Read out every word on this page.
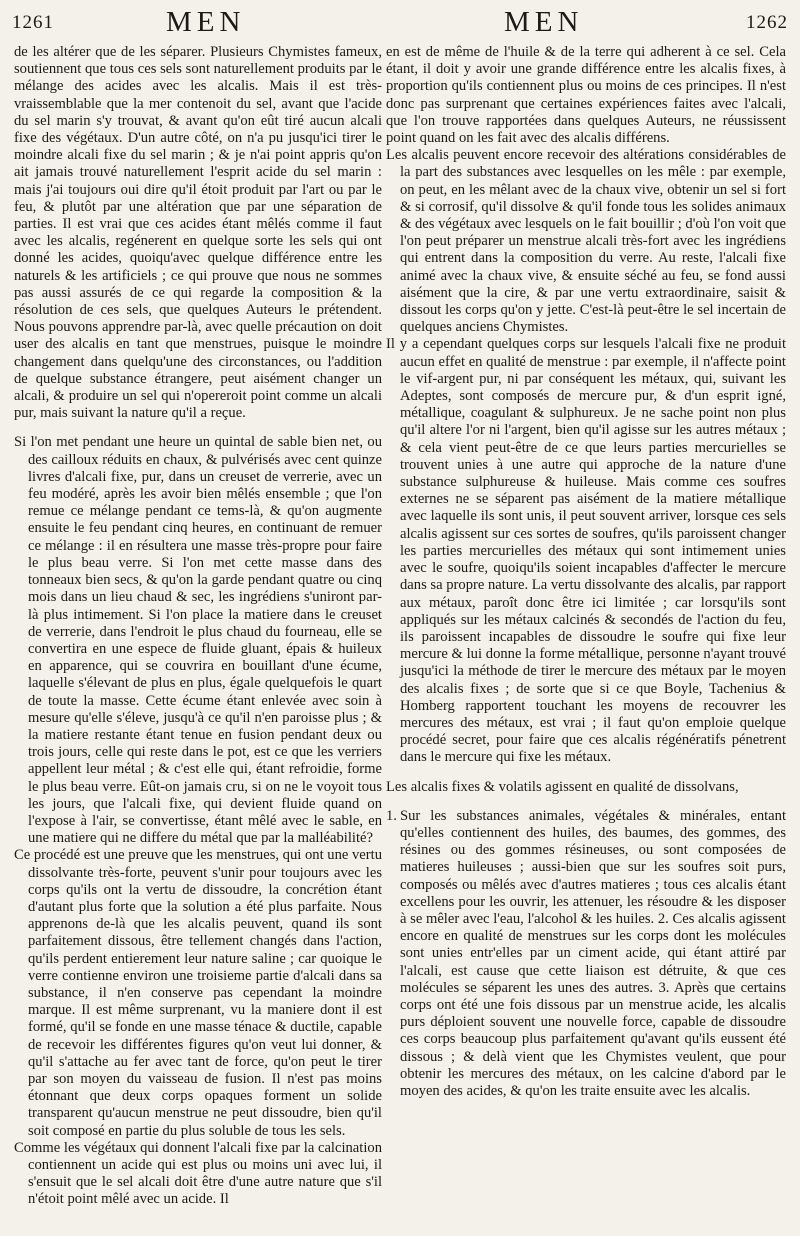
1261	MEN	MEN	1262

de les altérer que de les séparer. Plusieurs Chymistes fameux, soutiennent que tous ces sels sont naturellement produits par le mélange des acides avec les alcalis. Mais il est très-vraissemblable que la mer contenoit du sel, avant que l'acide du sel marin s'y trouvat, & avant qu'on eût tiré aucun alcali fixe des végétaux. D'un autre côté, on n'a pu jusqu'ici tirer le moindre alcali fixe du sel marin ; & je n'ai point appris qu'on ait jamais trouvé naturellement l'esprit acide du sel marin : mais j'ai toujours oui dire qu'il étoit produit par l'art ou par le feu, & plutôt par une altération que par une séparation de parties. Il est vrai que ces acides étant mêlés comme il faut avec les alcalis, regénerent en quelque sorte les sels qui ont donné les acides, quoiqu'avec quelque différence entre les naturels & les artificiels ; ce qui prouve que nous ne sommes pas aussi assurés de ce qui regarde la composition & la résolution de ces sels, que quelques Auteurs le prétendent. Nous pouvons apprendre par-là, avec quelle précaution on doit user des alcalis en tant que menstrues, puisque le moindre changement dans quelqu'une des circonstances, ou l'addition de quelque substance étrangere, peut aisément changer un alcali, & produire un sel qui n'opereroit point comme un alcali pur, mais suivant la nature qu'il a reçue.

Si l'on met pendant une heure un quintal de sable bien net, ou des cailloux réduits en chaux, & pulvérisés avec cent quinze livres d'alcali fixe, pur, dans un creuset de verrerie, avec un feu modéré, après les avoir bien mêlés ensemble ; que l'on remue ce mélange pendant ce tems-là, & qu'on augmente ensuite le feu pendant cinq heures, en continuant de remuer ce mélange : il en résultera une masse très-propre pour faire le plus beau verre. Si l'on met cette masse dans des tonneaux bien secs, & qu'on la garde pendant quatre ou cinq mois dans un lieu chaud & sec, les ingrédiens s'uniront par-là plus intimement. Si l'on place la matiere dans le creuset de verrerie, dans l'endroit le plus chaud du fourneau, elle se convertira en une espece de fluide gluant, épais & huileux en apparence, qui se couvrira en bouillant d'une écume, laquelle s'élevant de plus en plus, égale quelquefois le quart de toute la masse. Cette écume étant enlevée avec soin à mesure qu'elle s'éleve, jusqu'à ce qu'il n'en paroisse plus ; & la matiere restante étant tenue en fusion pendant deux ou trois jours, celle qui reste dans le pot, est ce que les verriers appellent leur métal ; & c'est elle qui, étant refroidie, forme le plus beau verre. Eût-on jamais cru, si on ne le voyoit tous les jours, que l'alcali fixe, qui devient fluide quand on l'expose à l'air, se convertisse, étant mêlé avec le sable, en une matiere qui ne differe du métal que par la malléabilité?

Ce procédé est une preuve que les menstrues, qui ont une vertu dissolvante très-forte, peuvent s'unir pour toujours avec les corps qu'ils ont la vertu de dissoudre, la concrétion étant d'autant plus forte que la solution a été plus parfaite. Nous apprenons de-là que les alcalis peuvent, quand ils sont parfaitement dissous, être tellement changés dans l'action, qu'ils perdent entierement leur nature saline ; car quoique le verre contienne environ une troisieme partie d'alcali dans sa substance, il n'en conserve pas cependant la moindre marque. Il est même surprenant, vu la maniere dont il est formé, qu'il se fonde en une masse ténace & ductile, capable de recevoir les différentes figures qu'on veut lui donner, & qu'il s'attache au fer avec tant de force, qu'on peut le tirer par son moyen du vaisseau de fusion. Il n'est pas moins étonnant que deux corps opaques forment un solide transparent qu'aucun menstrue ne peut dissoudre, bien qu'il soit composé en partie du plus soluble de tous les sels.

Comme les végétaux qui donnent l'alcali fixe par la calcination contiennent un acide qui est plus ou moins uni avec lui, il s'ensuit que le sel alcali doit être d'une autre nature que s'il n'étoit point mêlé avec un acide. Il

en est de même de l'huile & de la terre qui adherent à ce sel. Cela étant, il doit y avoir une grande différence entre les alcalis fixes, à proportion qu'ils contiennent plus ou moins de ces principes. Il n'est donc pas surprenant que certaines expériences faites avec l'alcali, que l'on trouve rapportées dans quelques Auteurs, ne réussissent point quand on les fait avec des alcalis différens.

Les alcalis peuvent encore recevoir des altérations considérables de la part des substances avec lesquelles on les mêle : par exemple, on peut, en les mêlant avec de la chaux vive, obtenir un sel si fort & si corrosif, qu'il dissolve & qu'il fonde tous les solides animaux & des végétaux avec lesquels on le fait bouillir ; d'où l'on voit que l'on peut préparer un menstrue alcali très-fort avec les ingrédiens qui entrent dans la composition du verre. Au reste, l'alcali fixe animé avec la chaux vive, & ensuite séché au feu, se fond aussi aisément que la cire, & par une vertu extraordinaire, saisit & dissout les corps qu'on y jette. C'est-là peut-être le sel incertain de quelques anciens Chymistes.

Il y a cependant quelques corps sur lesquels l'alcali fixe ne produit aucun effet en qualité de menstrue : par exemple, il n'affecte point le vif-argent pur, ni par conséquent les métaux, qui, suivant les Adeptes, sont composés de mercure pur, & d'un esprit igné, métallique, coagulant & sulphureux. Je ne sache point non plus qu'il altere l'or ni l'argent, bien qu'il agisse sur les autres métaux ; & cela vient peut-être de ce que leurs parties mercurielles se trouvent unies à une autre qui approche de la nature d'une substance sulphureuse & huileuse. Mais comme ces soufres externes ne se séparent pas aisément de la matiere métallique avec laquelle ils sont unis, il peut souvent arriver, lorsque ces sels alcalis agissent sur ces sortes de soufres, qu'ils paroissent changer les parties mercurielles des métaux qui sont intimement unies avec le soufre, quoiqu'ils soient incapables d'affecter le mercure dans sa propre nature. La vertu dissolvante des alcalis, par rapport aux métaux, paroît donc être ici limitée ; car lorsqu'ils sont appliqués sur les métaux calcinés & secondés de l'action du feu, ils paroissent incapables de dissoudre le soufre qui fixe leur mercure & lui donne la forme métallique, personne n'ayant trouvé jusqu'ici la méthode de tirer le mercure des métaux par le moyen des alcalis fixes ; de sorte que si ce que Boyle, Tachenius & Homberg rapportent touchant les moyens de recouvrer les mercures des métaux, est vrai ; il faut qu'on emploie quelque procédé secret, pour faire que ces alcalis régénératifs pénetrent dans le mercure qui fixe les métaux.

Les alcalis fixes & volatils agissent en qualité de dissolvans,

1. Sur les substances animales, végétales & minérales, entant qu'elles contiennent des huiles, des baumes, des gommes, des résines ou des gommes résineuses, ou sont composées de matieres huileuses ; aussi-bien que sur les soufres soit purs, composés ou mêlés avec d'autres matieres ; tous ces alcalis étant excellens pour les ouvrir, les attenuer, les résoudre & les disposer à se mêler avec l'eau, l'alcohol & les huiles. 2. Ces alcalis agissent encore en qualité de menstrues sur les corps dont les molécules sont unies entr'elles par un ciment acide, qui étant attiré par l'alcali, est cause que cette liaison est détruite, & que ces molécules se séparent les unes des autres. 3. Après que certains corps ont été une fois dissous par un menstrue acide, les alcalis purs déploient souvent une nouvelle force, capable de dissoudre ces corps beaucoup plus parfaitement qu'avant qu'ils eussent été dissous ; & delà vient que les Chymistes veulent, que pour obtenir les mercures des métaux, on les calcine d'abord par le moyen des acides, & qu'on les traite ensuite avec les alcalis.
